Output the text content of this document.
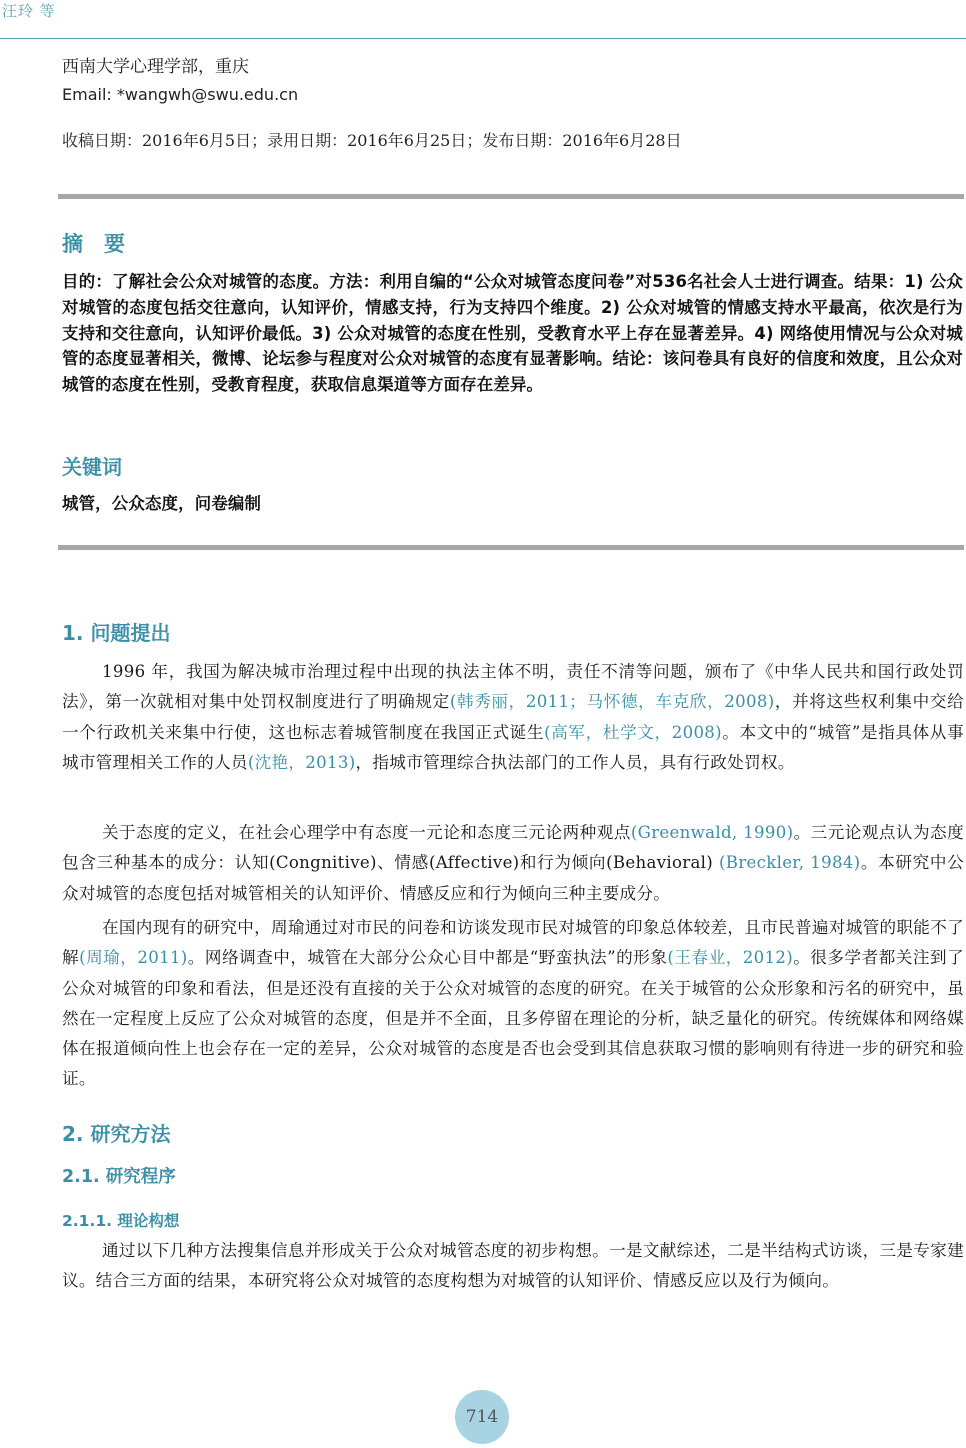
汪玲 等
西南大学心理学部，重庆
Email: *wangwh@swu.edu.cn
收稿日期：2016年6月5日；录用日期：2016年6月25日；发布日期：2016年6月28日
摘　要
目的：了解社会公众对城管的态度。方法：利用自编的“公众对城管态度问卷”对536名社会人士进行调查。结果：1) 公众对城管的态度包括交往意向，认知评价，情感支持，行为支持四个维度。2) 公众对城管的情感支持水平最高，依次是行为支持和交往意向，认知评价最低。3) 公众对城管的态度在性别，受教育水平上存在显著差异。4) 网络使用情况与公众对城管的态度显著相关，微博、论坛参与程度对公众对城管的态度有显著影响。结论：该问卷具有良好的信度和效度，且公众对城管的态度在性别，受教育程度，获取信息渠道等方面存在差异。
关键词
城管，公众态度，问卷编制
1. 问题提出
1996 年，我国为解决城市治理过程中出现的执法主体不明，责任不清等问题，颁布了《中华人民共和国行政处罚法》，第一次就相对集中处罚权制度进行了明确规定(韩秀丽，2011；马怀德，车克欣，2008)，并将这些权利集中交给一个行政机关来集中行使，这也标志着城管制度在我国正式诞生(高军，杜学文，2008)。本文中的“城管”是指具体从事城市管理相关工作的人员(沈艳，2013)，指城市管理综合执法部门的工作人员，具有行政处罚权。
关于态度的定义，在社会心理学中有态度一元论和态度三元论两种观点(Greenwald, 1990)。三元论观点认为态度包含三种基本的成分：认知(Congnitive)、情感(Affective)和行为倾向(Behavioral) (Breckler, 1984)。本研究中公众对城管的态度包括对城管相关的认知评价、情感反应和行为倾向三种主要成分。
在国内现有的研究中，周瑜通过对市民的问卷和访谈发现市民对城管的印象总体较差，且市民普遍对城管的职能不了解(周瑜，2011)。网络调查中，城管在大部分公众心目中都是“野蛮执法”的形象(王春业，2012)。很多学者都关注到了公众对城管的印象和看法，但是还没有直接的关于公众对城管的态度的研究。在关于城管的公众形象和污名的研究中，虽然在一定程度上反应了公众对城管的态度，但是并不全面，且多停留在理论的分析，缺乏量化的研究。传统媒体和网络媒体在报道倾向性上也会存在一定的差异，公众对城管的态度是否也会受到其信息获取习惯的影响则有待进一步的研究和验证。
2. 研究方法
2.1. 研究程序
2.1.1. 理论构想
通过以下几种方法搜集信息并形成关于公众对城管态度的初步构想。一是文献综述，二是半结构式访谈，三是专家建议。结合三方面的结果，本研究将公众对城管的态度构想为对城管的认知评价、情感反应以及行为倾向。
714
